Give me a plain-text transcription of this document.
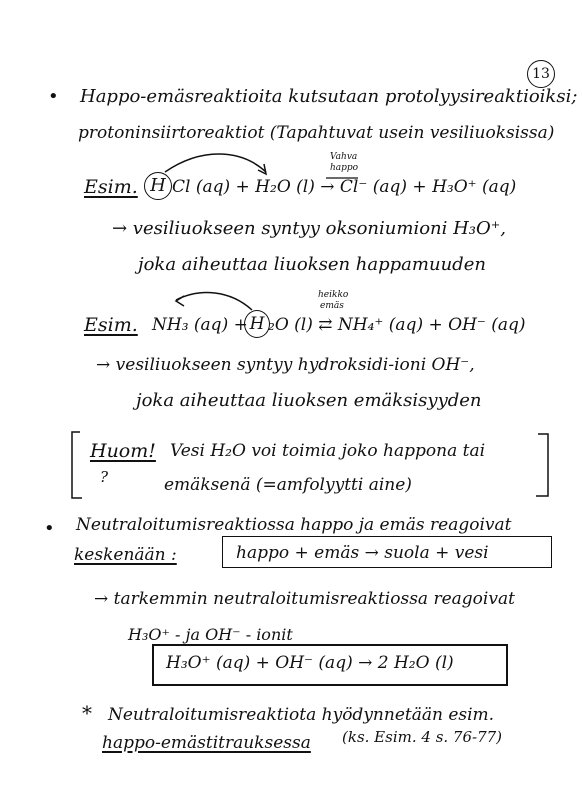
13
• Happo-emäsreaktioita kutsutaan protolyysireaktioiksi;
protoninsiirtoreaktiot (Tapahtuvat usein vesiliuoksissa)
Esim. H Cl (aq) + H₂O (l) → Cl⁻ (aq) + H₃O⁺ (aq)
Vahva
happo
→ vesiliuokseen syntyy oksoniumioni H₃O⁺,
joka aiheuttaa liuoksen happamuuden
Esim. NH₃ (aq) + H ₂O (l) ⇄ NH₄⁺ (aq) + OH⁻ (aq)
heikko
emäs
→ vesiliuokseen syntyy hydroksidi-ioni OH⁻,
joka aiheuttaa liuoksen emäksisyyden
Huom!
?
Vesi H₂O voi toimia joko happona tai
emäksenä (=amfolyytti aine)
• Neutraloitumisreaktiossa happo ja emäs reagoivat
keskenään :	happo + emäs → suola + vesi
→ tarkemmin neutraloitumisreaktiossa reagoivat
H₃O⁺ - ja OH⁻ - ionit
H₃O⁺ (aq) + OH⁻ (aq) → 2 H₂O (l)
* Neutraloitumisreaktiota hyödynnetään esim.
happo-emästitrauksessa (ks. Esim. 4 s. 76-77)
